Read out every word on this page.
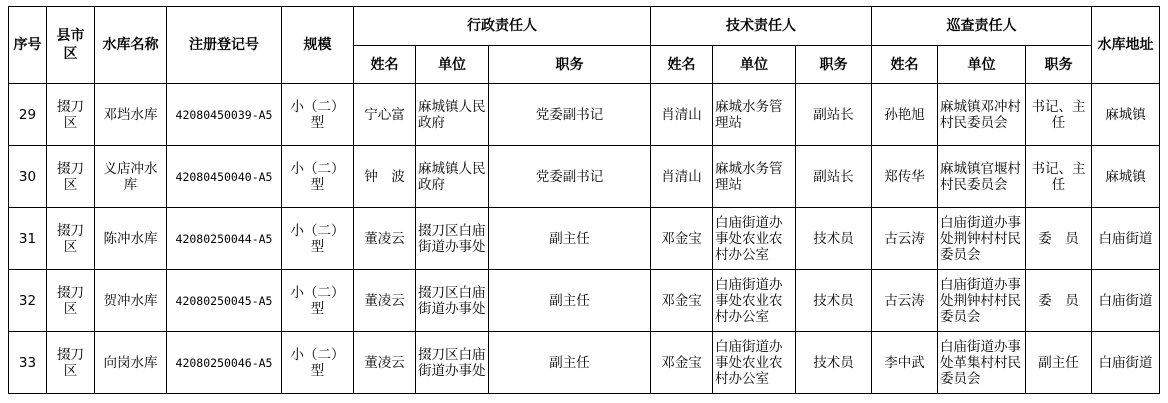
序号	县市区	水库名称	注册登记号	规模	行政责任人			技术责任人			巡查责任人			水库地址
					姓名	单位	职务	姓名	单位	职务	姓名	单位	职务	
29	掇刀区	邓垱水库	42080450039-A5	小（二）型	宁心富	麻城镇人民政府	党委副书记	肖清山	麻城水务管理站	副站长	孙艳旭	麻城镇邓冲村村民委员会	书记、主任	麻城镇
30	掇刀区	义店冲水库	42080450040-A5	小（二）型	钟　波	麻城镇人民政府	党委副书记	肖清山	麻城水务管理站	副站长	郑传华	麻城镇官堰村村民委员会	书记、主任	麻城镇
31	掇刀区	陈冲水库	42080250044-A5	小（二）型	董凌云	掇刀区白庙街道办事处	副主任	邓金宝	白庙街道办事处农业农村办公室	技术员	古云涛	白庙街道办事处荆钟村村民委员会	委　员	白庙街道
32	掇刀区	贺冲水库	42080250045-A5	小（二）型	董凌云	掇刀区白庙街道办事处	副主任	邓金宝	白庙街道办事处农业农村办公室	技术员	古云涛	白庙街道办事处荆钟村村民委员会	委　员	白庙街道
33	掇刀区	向岗水库	42080250046-A5	小（二）型	董凌云	掇刀区白庙街道办事处	副主任	邓金宝	白庙街道办事处农业农村办公室	技术员	李中武	白庙街道办事处革集村村民委员会	副主任	白庙街道
